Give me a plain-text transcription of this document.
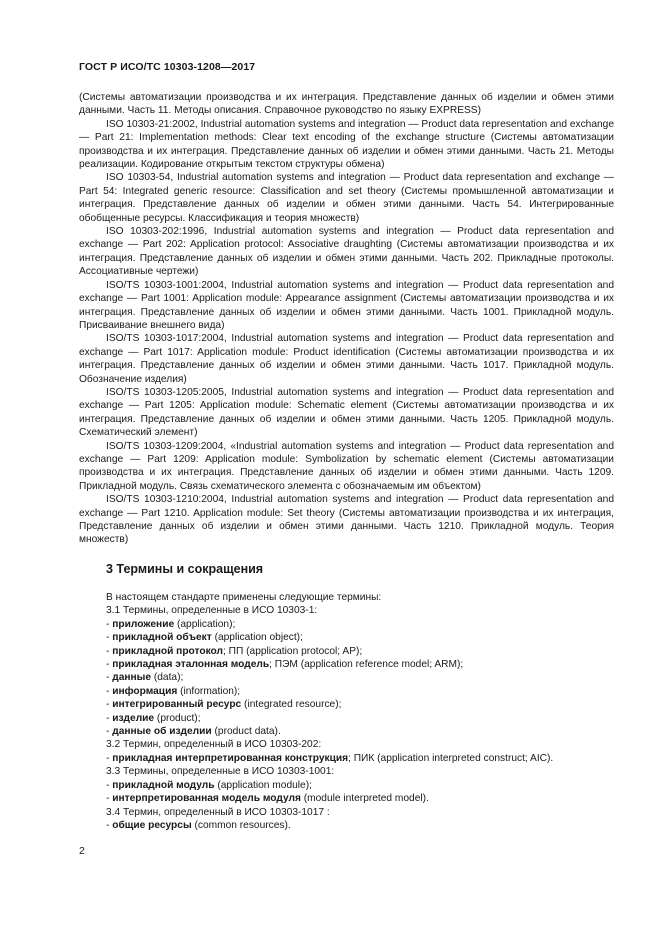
ГОСТ Р ИСО/ТС 10303-1208—2017

(Системы автоматизации производства и их интеграция. Представление данных об изделии и обмен этими данными. Часть 11. Методы описания. Справочное руководство по языку EXPRESS)

ISO 10303-21:2002, Industrial automation systems and integration — Product data representation and exchange — Part 21: Implementation methods: Clear text encoding of the exchange structure (Системы автоматизации производства и их интеграция. Представление данных об изделии и обмен этими данными. Часть 21. Методы реализации. Кодирование открытым текстом структуры обмена)

ISO 10303-54, Industrial automation systems and integration — Product data representation and exchange — Part 54: Integrated generic resource: Classification and set theory (Системы промышленной автоматизации и интеграция. Представление данных об изделии и обмен этими данными. Часть 54. Интегрированные обобщенные ресурсы. Классификация и теория множеств)

ISO 10303-202:1996, Industrial automation systems and integration — Product data representation and exchange — Part 202: Application protocol: Associative draughting (Системы автоматизации производства и их интеграция. Представление данных об изделии и обмен этими данными. Часть 202. Прикладные протоколы. Ассоциативные чертежи)

ISO/TS 10303-1001:2004, Industrial automation systems and integration — Product data representation and exchange — Part 1001: Application module: Appearance assignment (Системы автоматизации производства и их интеграция. Представление данных об изделии и обмен этими данными. Часть 1001. Прикладной модуль. Присваивание внешнего вида)

ISO/TS 10303-1017:2004, Industrial automation systems and integration — Product data representation and exchange — Part 1017: Application module: Product identification (Системы автоматизации производства и их интеграция. Представление данных об изделии и обмен этими данными. Часть 1017. Прикладной модуль. Обозначение изделия)

ISO/TS 10303-1205:2005, Industrial automation systems and integration — Product data representation and exchange — Part 1205: Application module: Schematic element (Системы автоматизации производства и их интеграция. Представление данных об изделии и обмен этими данными. Часть 1205. Прикладной модуль. Схематический элемент)

ISO/TS 10303-1209:2004, «Industrial automation systems and integration — Product data representation and exchange — Part 1209: Application module: Symbolization by schematic element (Системы автоматизации производства и их интеграция. Представление данных об изделии и обмен этими данными. Часть 1209. Прикладной модуль. Связь схематического элемента с обозначаемым им объектом)

ISO/TS 10303-1210:2004, Industrial automation systems and integration — Product data representation and exchange — Part 1210. Application module: Set theory (Системы автоматизации производства и их интеграция, Представление данных об изделии и обмен этими данными. Часть 1210. Прикладной модуль. Теория множеств)

3 Термины и сокращения
В настоящем стандарте применены следующие термины:
3.1 Термины, определенные в ИСО 10303-1:
- приложение (application);
- прикладной объект (application object);
- прикладной протокол; ПП (application protocol; AP);
- прикладная эталонная модель; ПЭМ (application reference model; ARM);
- данные (data);
- информация (information);
- интегрированный ресурс (integrated resource);
- изделие (product);
- данные об изделии (product data).
3.2 Термин, определенный в ИСО 10303-202:
- прикладная интерпретированная конструкция; ПИК (application interpreted construct; AIC).
3.3 Термины, определенные в ИСО 10303-1001:
- прикладной модуль (application module);
- интерпретированная модель модуля (module interpreted model).
3.4 Термин, определенный в ИСО 10303-1017 :
- общие ресурсы (common resources).
2
